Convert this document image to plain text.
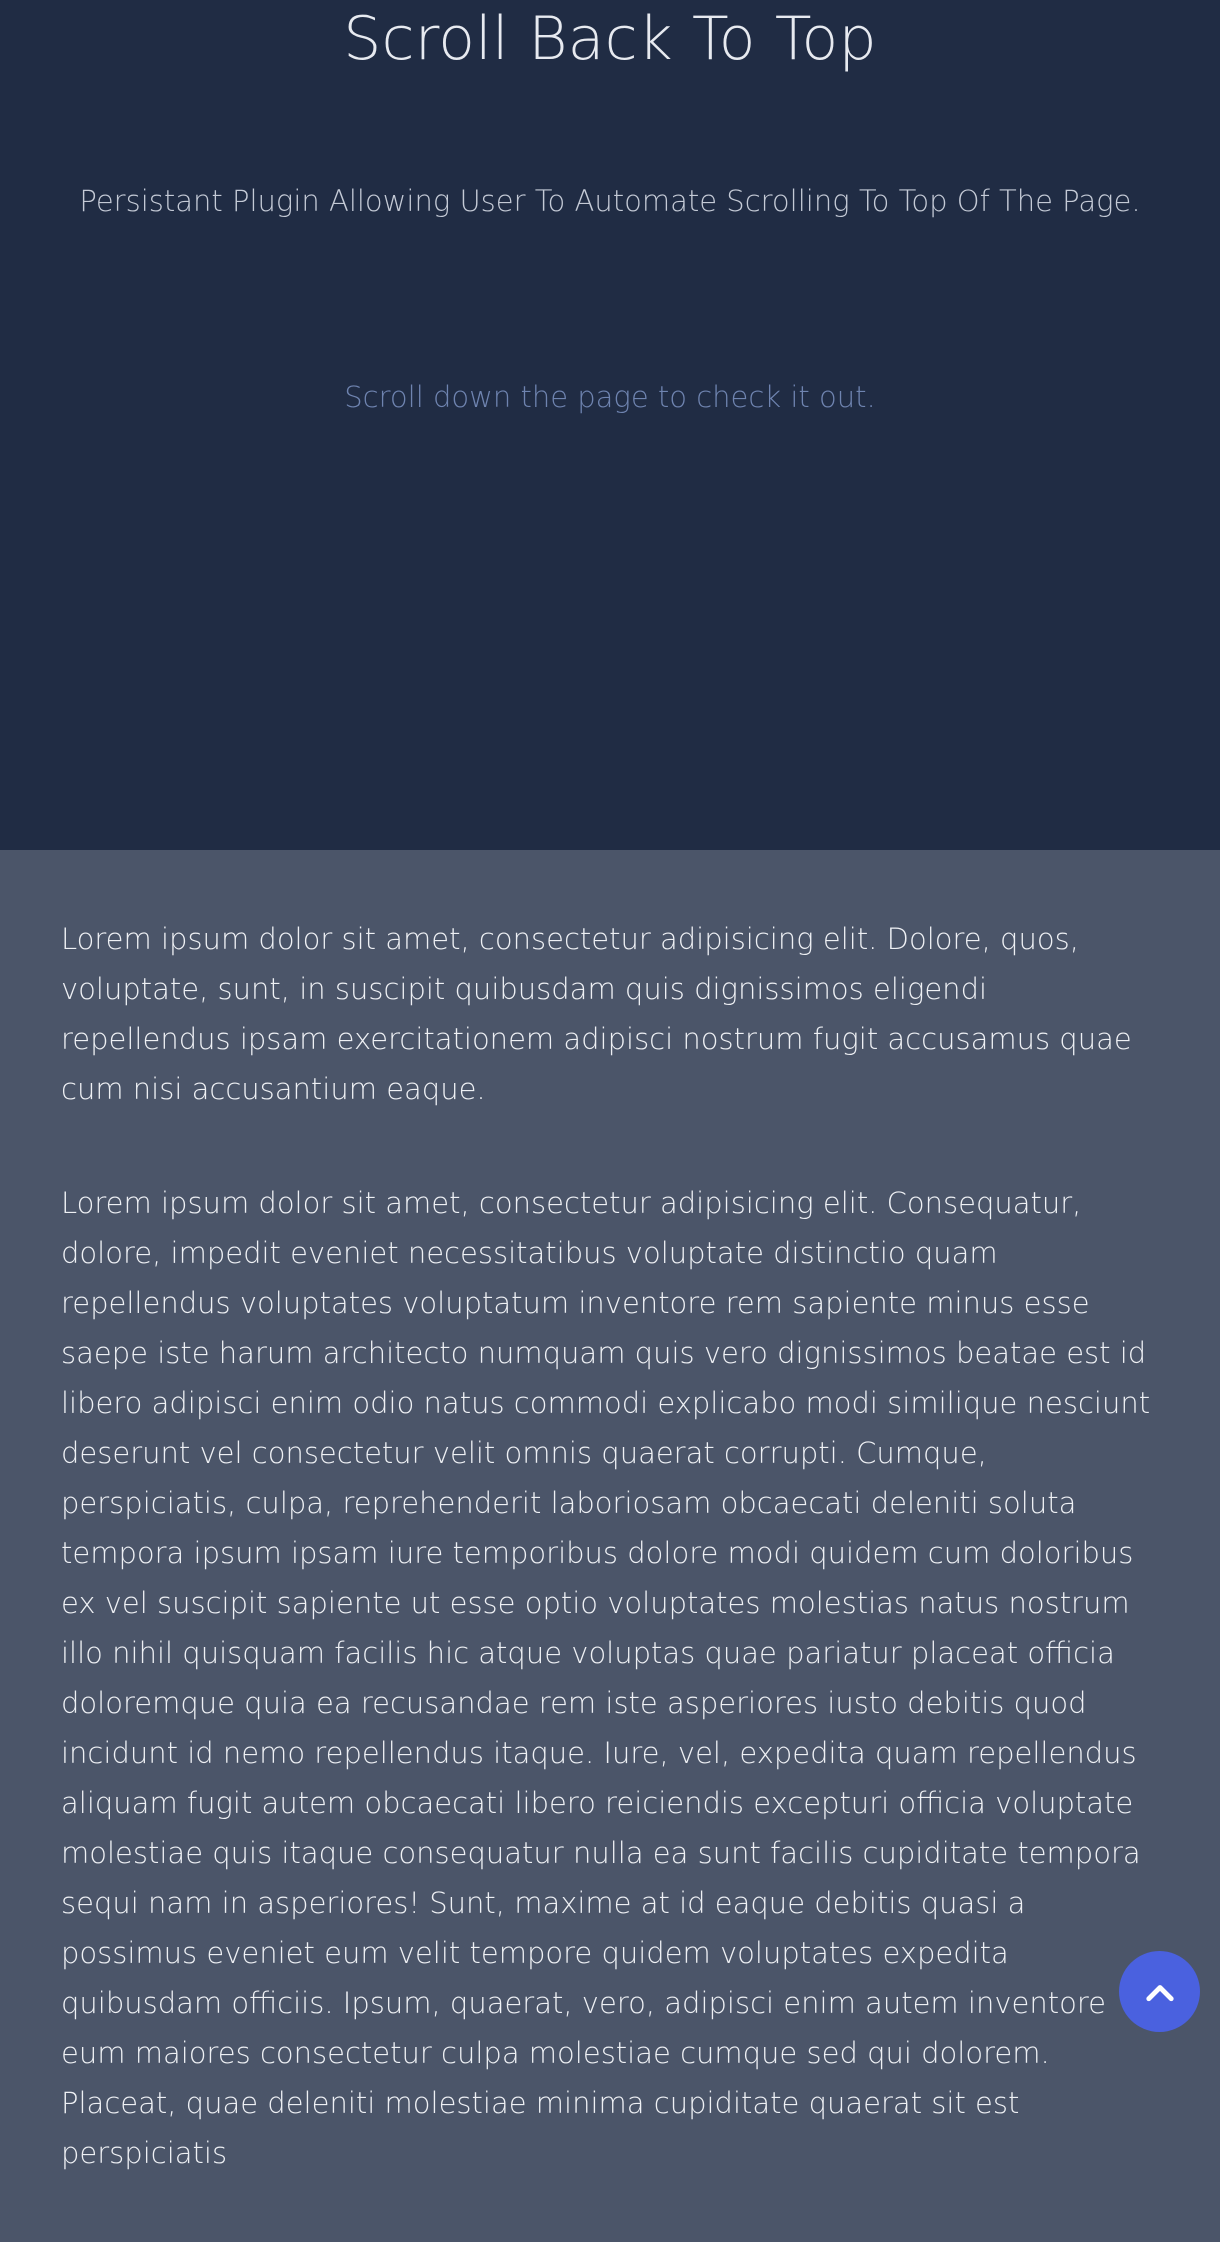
Scroll Back To Top

Persistant Plugin Allowing User To Automate Scrolling To Top Of The Page.

Scroll down the page to check it out.

Lorem ipsum dolor sit amet, consectetur adipisicing elit. Dolore, quos, voluptate, sunt, in suscipit quibusdam quis dignissimos eligendi repellendus ipsam exercitationem adipisci nostrum fugit accusamus quae cum nisi accusantium eaque.

Lorem ipsum dolor sit amet, consectetur adipisicing elit. Consequatur, dolore, impedit eveniet necessitatibus voluptate distinctio quam repellendus voluptates voluptatum inventore rem sapiente minus esse saepe iste harum architecto numquam quis vero dignissimos beatae est id libero adipisci enim odio natus commodi explicabo modi similique nesciunt deserunt vel consectetur velit omnis quaerat corrupti. Cumque, perspiciatis, culpa, reprehenderit laboriosam obcaecati deleniti soluta tempora ipsum ipsam iure temporibus dolore modi quidem cum doloribus ex vel suscipit sapiente ut esse optio voluptates molestias natus nostrum illo nihil quisquam facilis hic atque voluptas quae pariatur placeat officia doloremque quia ea recusandae rem iste asperiores iusto debitis quod incidunt id nemo repellendus itaque. Iure, vel, expedita quam repellendus aliquam fugit autem obcaecati libero reiciendis excepturi officia voluptate molestiae quis itaque consequatur nulla ea sunt facilis cupiditate tempora sequi nam in asperiores! Sunt, maxime at id eaque debitis quasi a possimus eveniet eum velit tempore quidem voluptates expedita quibusdam officiis. Ipsum, quaerat, vero, adipisci enim autem inventore eum maiores consectetur culpa molestiae cumque sed qui dolorem. Placeat, quae deleniti molestiae minima cupiditate quaerat sit est perspiciatis
